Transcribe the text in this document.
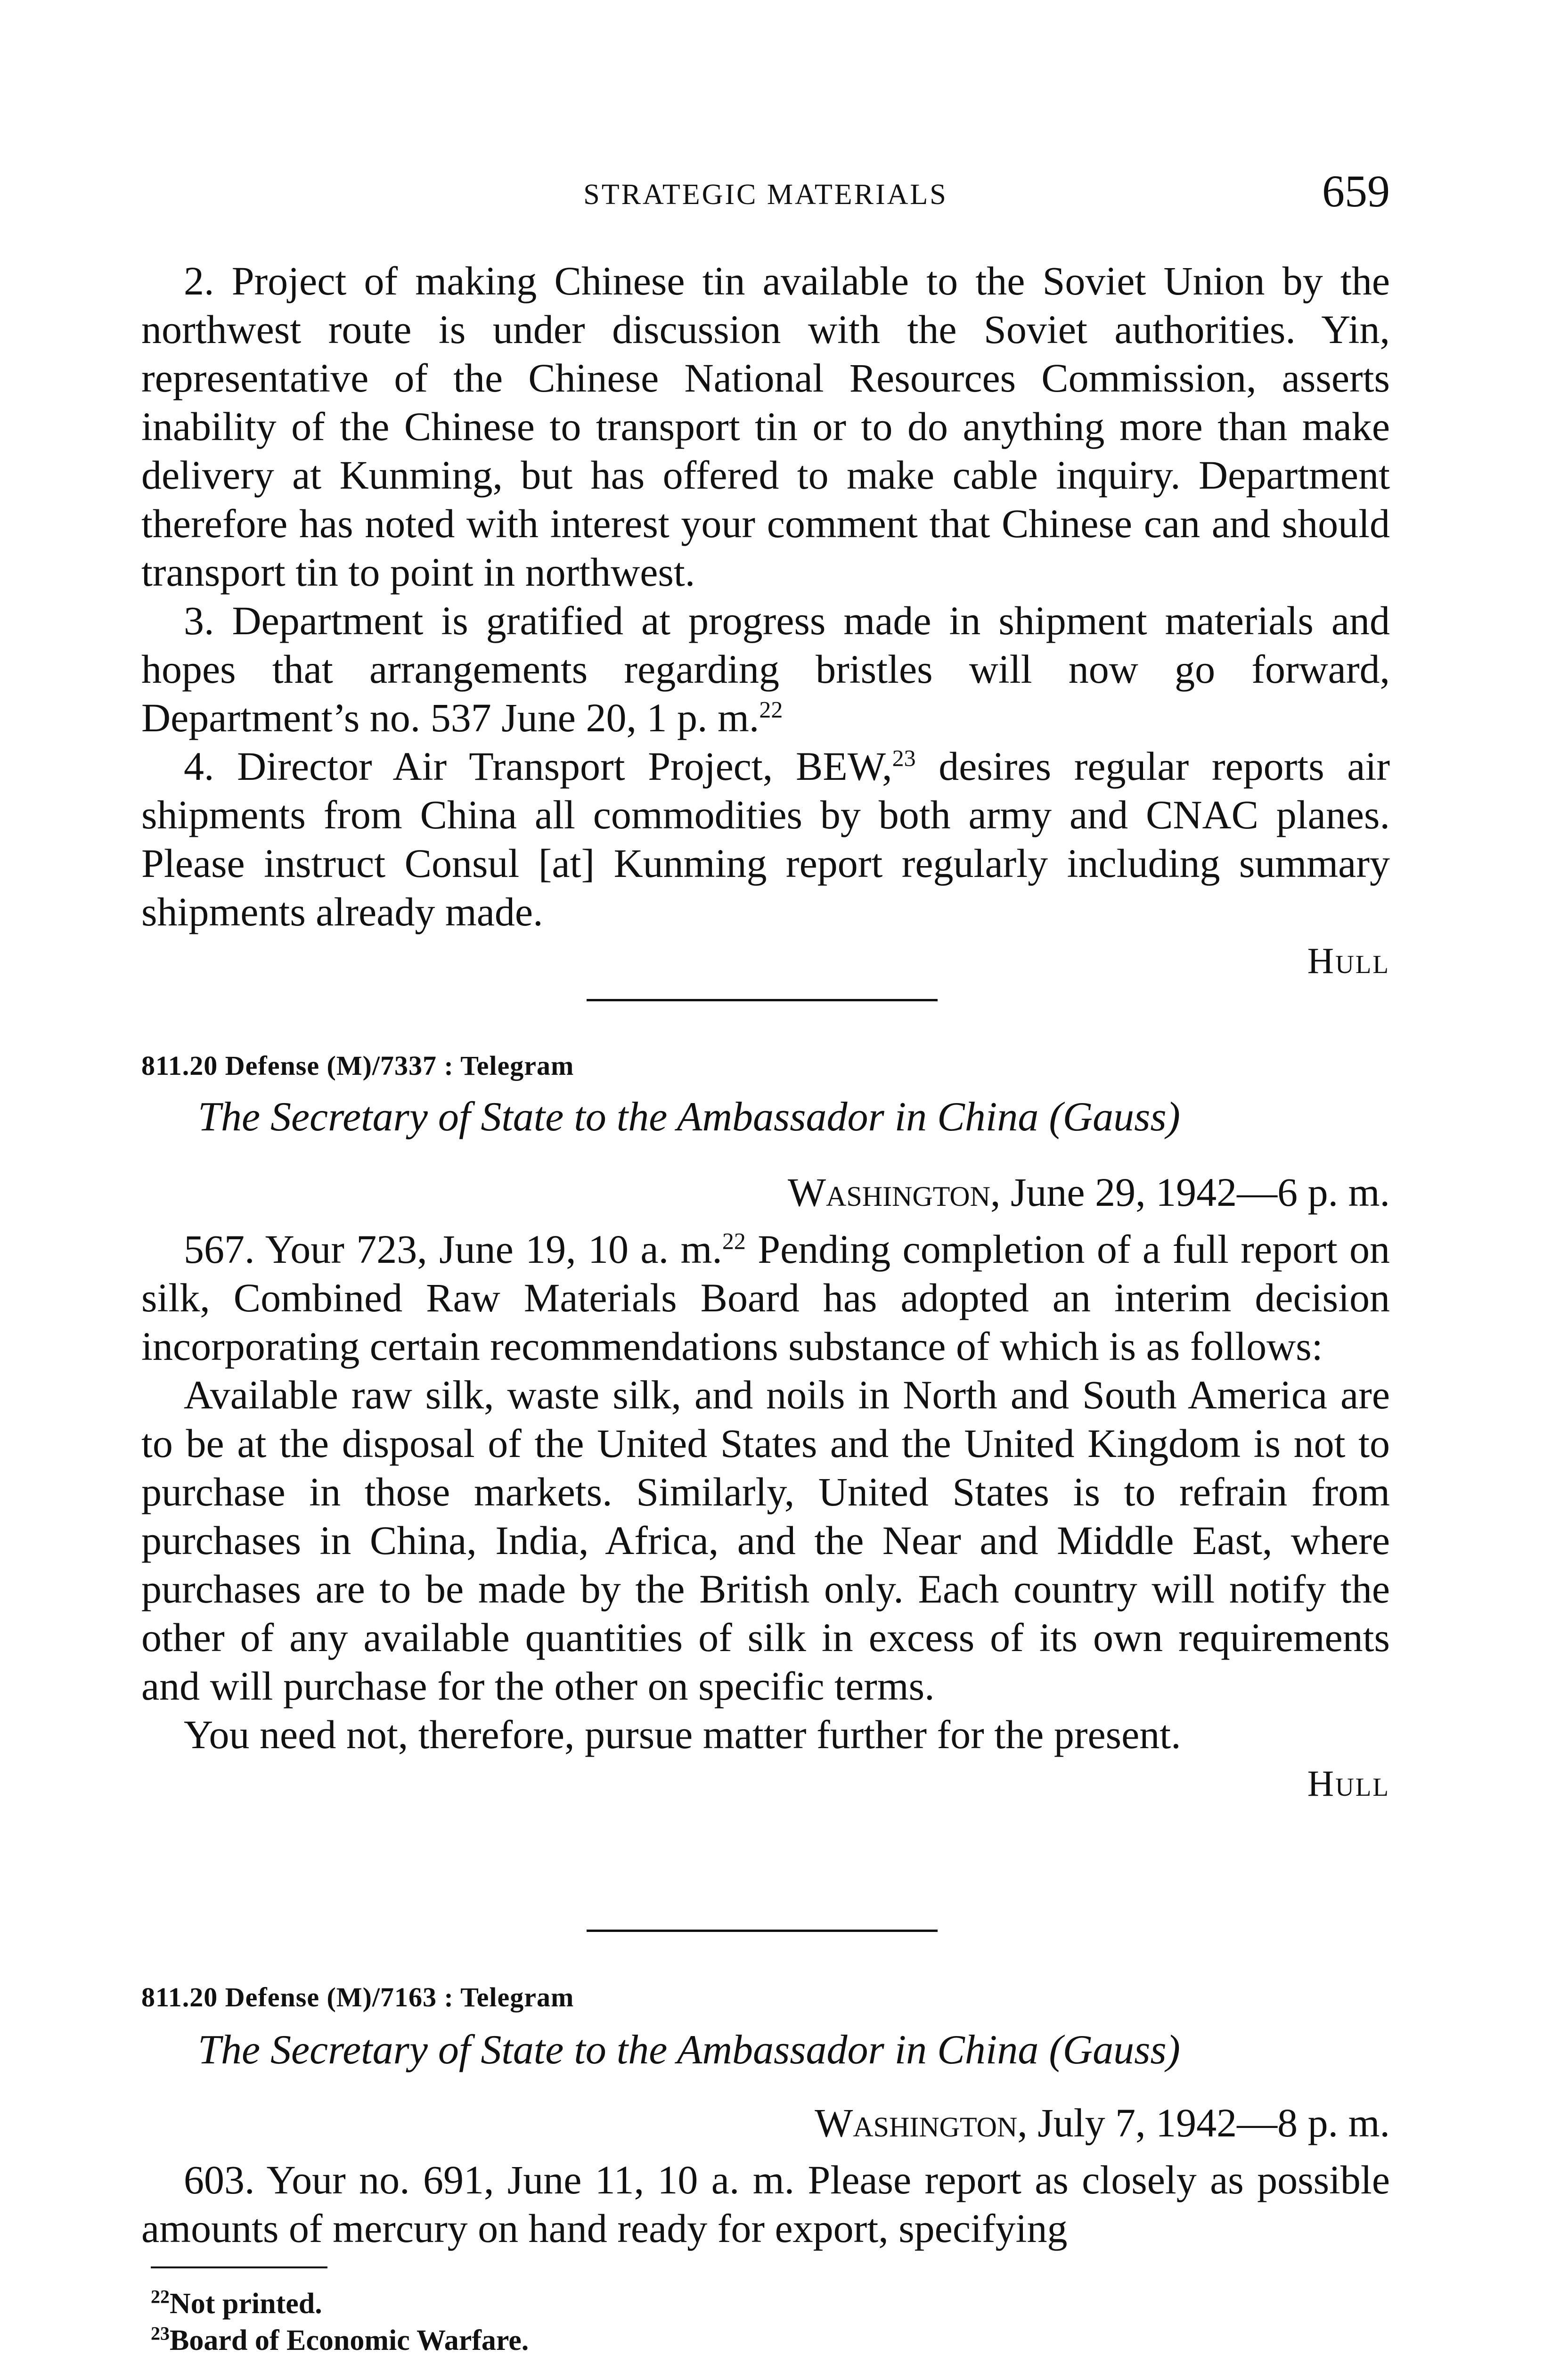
STRATEGIC MATERIALS	659

2. Project of making Chinese tin available to the Soviet Union by the northwest route is under discussion with the Soviet authorities. Yin, representative of the Chinese National Resources Commission, asserts inability of the Chinese to transport tin or to do anything more than make delivery at Kunming, but has offered to make cable inquiry. Department therefore has noted with interest your comment that Chinese can and should transport tin to point in northwest.

3. Department is gratified at progress made in shipment materials and hopes that arrangements regarding bristles will now go forward, Department’s no. 537 June 20, 1 p. m.$^{22}$

4. Director Air Transport Project, BEW,$^{23}$ desires regular reports air shipments from China all commodities by both army and CNAC planes. Please instruct Consul [at] Kunming report regularly including summary shipments already made.

Hull

811.20 Defense (M)/7337 : Telegram
The Secretary of State to the Ambassador in China (Gauss)
Washington, June 29, 1942—6 p. m.

567. Your 723, June 19, 10 a. m.$^{22}$ Pending completion of a full report on silk, Combined Raw Materials Board has adopted an interim decision incorporating certain recommendations substance of which is as follows:

Available raw silk, waste silk, and noils in North and South America are to be at the disposal of the United States and the United Kingdom is not to purchase in those markets. Similarly, United States is to refrain from purchases in China, India, Africa, and the Near and Middle East, where purchases are to be made by the British only. Each country will notify the other of any available quantities of silk in excess of its own requirements and will purchase for the other on specific terms.

You need not, therefore, pursue matter further for the present.

Hull

811.20 Defense (M)/7163 : Telegram
The Secretary of State to the Ambassador in China (Gauss)
Washington, July 7, 1942—8 p. m.

603. Your no. 691, June 11, 10 a. m. Please report as closely as possible amounts of mercury on hand ready for export, specifying

$^{22}$Not printed.
$^{23}$Board of Economic Warfare.
